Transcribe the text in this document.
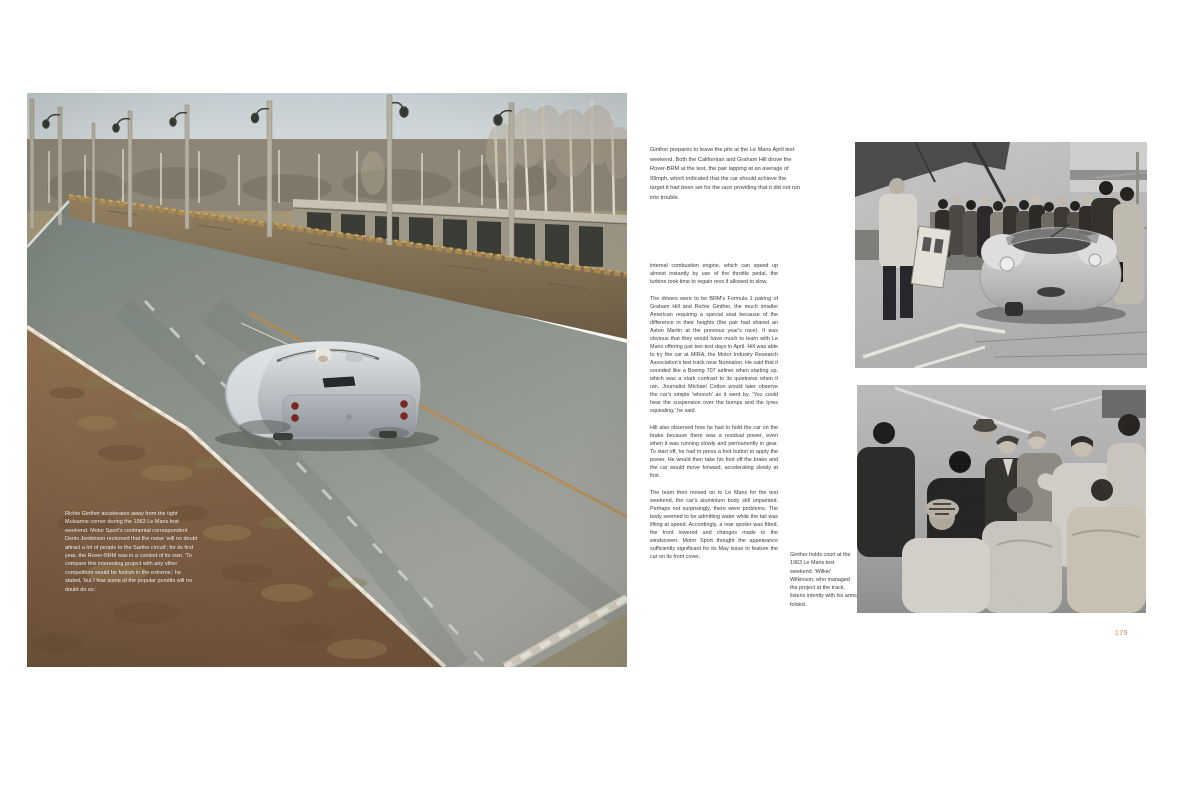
Richie Ginther accelerates away from the tight Mulsanne corner during the 1963 Le Mans test weekend. Motor Sport's continental correspondent Denis Jenkinson reckoned that the noise 'will no doubt attract a lot of people to the Sarthe circuit'; for its first year, the Rover-BRM was in a contest of its own. 'To compare this interesting project with any other competitors would be foolish in the extreme,' he stated, 'but I fear some of the popular pundits will no doubt do so.'
Ginther prepares to leave the pits at the Le Mans April test weekend. Both the Californian and Graham Hill drove the Rover-BRM at the test, the pair lapping at an average of 99mph, which indicated that the car should achieve the target it had been set for the race providing that it did not run into trouble.

internal combustion engine, which can speed up almost instantly by use of the throttle pedal, the turbine took time to regain revs if allowed to slow.

The drivers were to be BRM's Formula 1 pairing of Graham Hill and Richie Ginther, the much smaller American requiring a special seat because of the difference in their heights (the pair had shared an Aston Martin at the previous year's race). It was obvious that they would have much to learn with Le Mans offering just two test days in April. Hill was able to try the car at MIRA, the Motor Industry Research Association's test track near Nuneaton. He said that it sounded like a Boeing 707 airliner when starting up, which was a stark contrast to its quietness when it ran. Journalist Michael Cotton would later observe the car's simple 'whoosh' as it went by. 'You could hear the suspension over the bumps and the tyres squealing,' he said.

Hill also observed how he had to hold the car on the brake because there was a residual power, even when it was running slowly and permanently in gear. To start off, he had to press a foot button to apply the power. He would then take his foot off the brake and the car would move forward, accelerating slowly at first.

The team then moved on to Le Mans for the test weekend, the car's aluminium body still unpainted. Perhaps not surprisingly, there were problems. The body seemed to be admitting water while the tail was lifting at speed. Accordingly, a rear spoiler was fitted, the front lowered and changes made to the windscreen. Motor Sport thought the appearance sufficiently significant for its May issue to feature the car on its front cover.	Ginther holds court at the 1963 Le Mans test weekend. 'Wilkie' Wilkinson, who managed the project at the track, listens intently with his arms folded.
179
